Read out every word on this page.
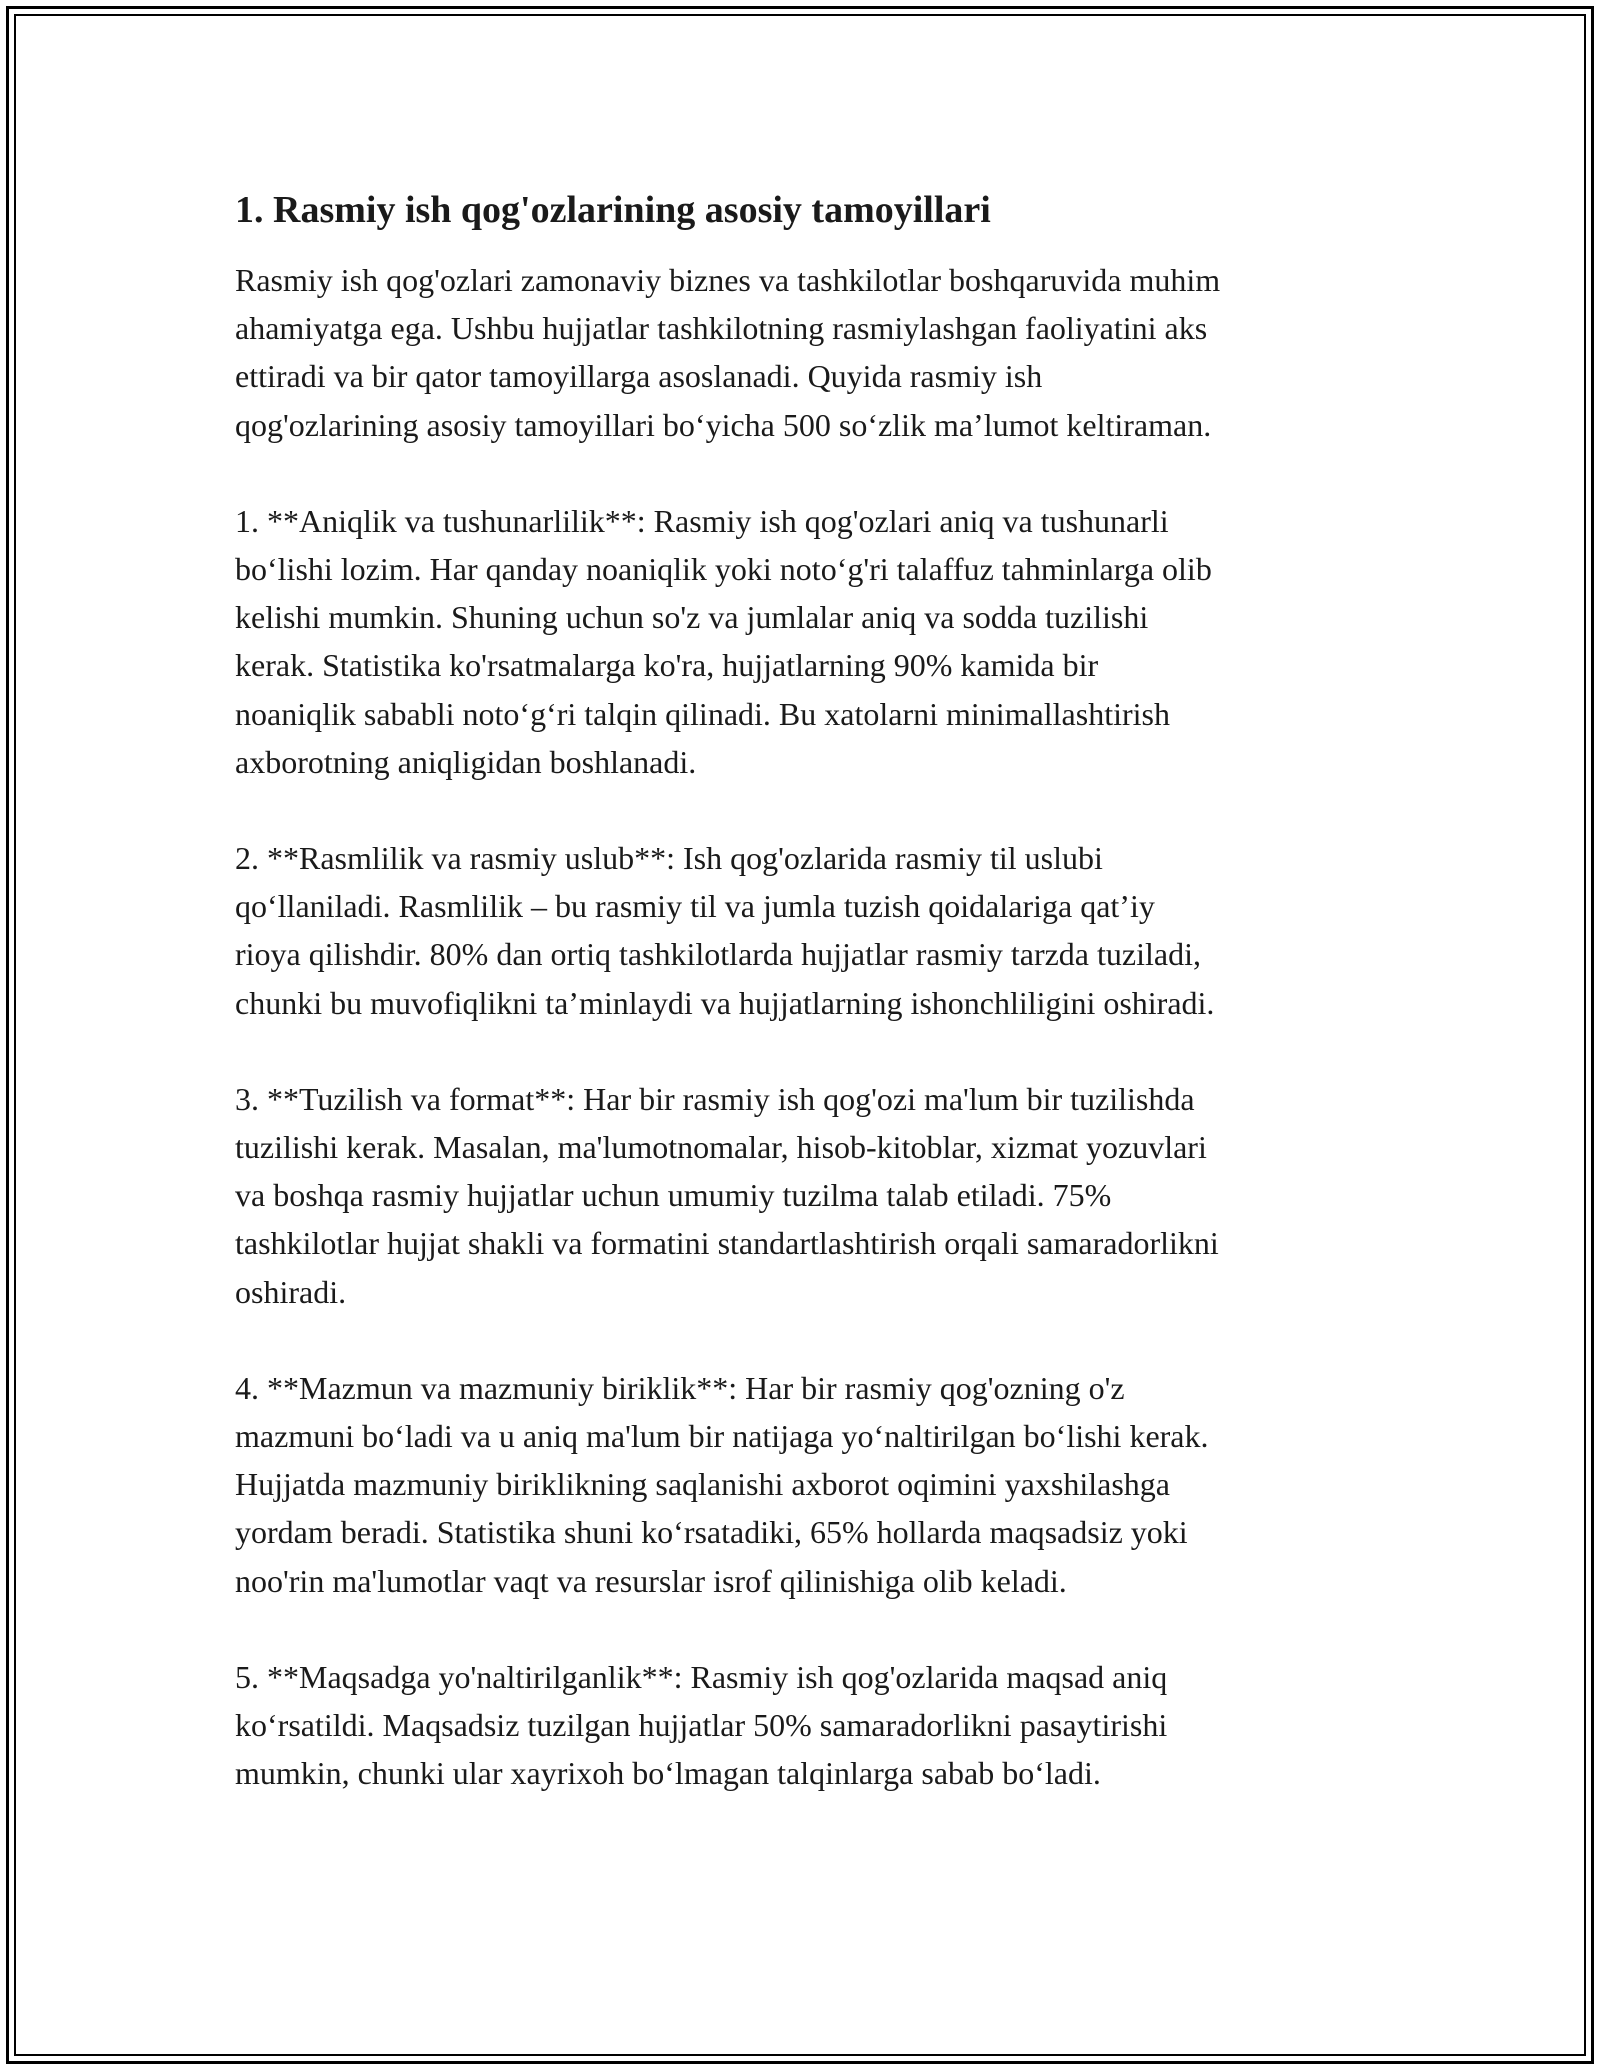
1. Rasmiy ish qog'ozlarining asosiy tamoyillari
Rasmiy ish qog'ozlari zamonaviy biznes va tashkilotlar boshqaruvida muhim
ahamiyatga ega. Ushbu hujjatlar tashkilotning rasmiylashgan faoliyatini aks
ettiradi va bir qator tamoyillarga asoslanadi. Quyida rasmiy ish
qog'ozlarining asosiy tamoyillari bo‘yicha 500 so‘zlik ma’lumot keltiraman.
1. **Aniqlik va tushunarlilik**: Rasmiy ish qog'ozlari aniq va tushunarli
bo‘lishi lozim. Har qanday noaniqlik yoki noto‘g'ri talaffuz tahminlarga olib
kelishi mumkin. Shuning uchun so'z va jumlalar aniq va sodda tuzilishi
kerak. Statistika ko'rsatmalarga ko'ra, hujjatlarning 90% kamida bir
noaniqlik sababli noto‘g‘ri talqin qilinadi. Bu xatolarni minimallashtirish
axborotning aniqligidan boshlanadi.
2. **Rasmlilik va rasmiy uslub**: Ish qog'ozlarida rasmiy til uslubi
qo‘llaniladi. Rasmlilik – bu rasmiy til va jumla tuzish qoidalariga qat’iy
rioya qilishdir. 80% dan ortiq tashkilotlarda hujjatlar rasmiy tarzda tuziladi,
chunki bu muvofiqlikni ta’minlaydi va hujjatlarning ishonchliligini oshiradi.
3. **Tuzilish va format**: Har bir rasmiy ish qog'ozi ma'lum bir tuzilishda
tuzilishi kerak. Masalan, ma'lumotnomalar, hisob-kitoblar, xizmat yozuvlari
va boshqa rasmiy hujjatlar uchun umumiy tuzilma talab etiladi. 75%
tashkilotlar hujjat shakli va formatini standartlashtirish orqali samaradorlikni
oshiradi.
4. **Mazmun va mazmuniy biriklik**: Har bir rasmiy qog'ozning o'z
mazmuni bo‘ladi va u aniq ma'lum bir natijaga yo‘naltirilgan bo‘lishi kerak.
Hujjatda mazmuniy biriklikning saqlanishi axborot oqimini yaxshilashga
yordam beradi. Statistika shuni ko‘rsatadiki, 65% hollarda maqsadsiz yoki
noo'rin ma'lumotlar vaqt va resurslar isrof qilinishiga olib keladi.
5. **Maqsadga yo'naltirilganlik**: Rasmiy ish qog'ozlarida maqsad aniq
ko‘rsatildi. Maqsadsiz tuzilgan hujjatlar 50% samaradorlikni pasaytirishi
mumkin, chunki ular xayrixoh bo‘lmagan talqinlarga sabab bo‘ladi.
